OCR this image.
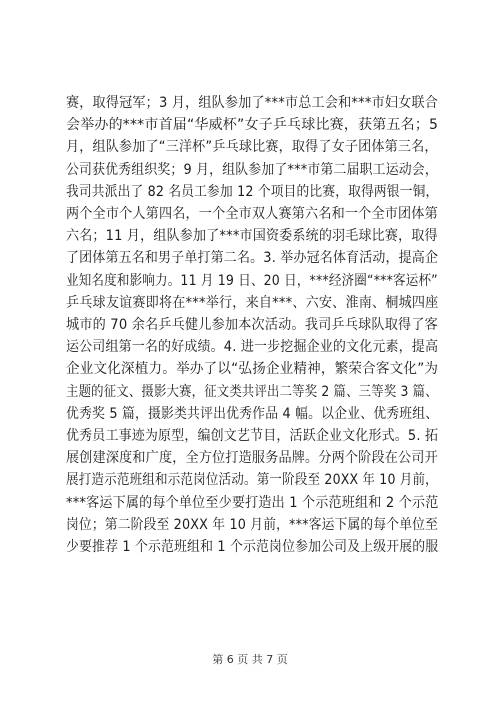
赛，取得冠军；3 月，组队参加了***市总工会和***市妇女联合
会举办的***市首届“华威杯”女子乒乓球比赛，获第五名；5
月，组队参加了“三洋杯”乒乓球比赛，取得了女子团体第三名，
公司获优秀组织奖；9 月，组队参加了***市第二届职工运动会，
我司共派出了 82 名员工参加 12 个项目的比赛，取得两银一铜，
两个全市个人第四名，一个全市双人赛第六名和一个全市团体第
六名；11 月，组队参加了***市国资委系统的羽毛球比赛，取得
了团体第五名和男子单打第二名。3. 举办冠名体育活动，提高企
业知名度和影响力。11 月 19 日、20 日，***经济圈“***客运杯”
乒乓球友谊赛即将在***举行，来自***、六安、淮南、桐城四座
城市的 70 余名乒乓健儿参加本次活动。我司乒乓球队取得了客
运公司组第一名的好成绩。4. 进一步挖掘企业的文化元素，提高
企业文化深植力。举办了以“弘扬企业精神，繁荣合客文化”为
主题的征文、摄影大赛，征文类共评出二等奖 2 篇、三等奖 3 篇、
优秀奖 5 篇，摄影类共评出优秀作品 4 幅。以企业、优秀班组、
优秀员工事迹为原型，编创文艺节目，活跃企业文化形式。5. 拓
展创建深度和广度，全方位打造服务品牌。分两个阶段在公司开
展打造示范班组和示范岗位活动。第一阶段至 20XX 年 10 月前，
***客运下属的每个单位至少要打造出 1 个示范班组和 2 个示范
岗位；第二阶段至 20XX 年 10 月前，***客运下属的每个单位至
少要推荐 1 个示范班组和 1 个示范岗位参加公司及上级开展的服
第 6 页 共 7 页
